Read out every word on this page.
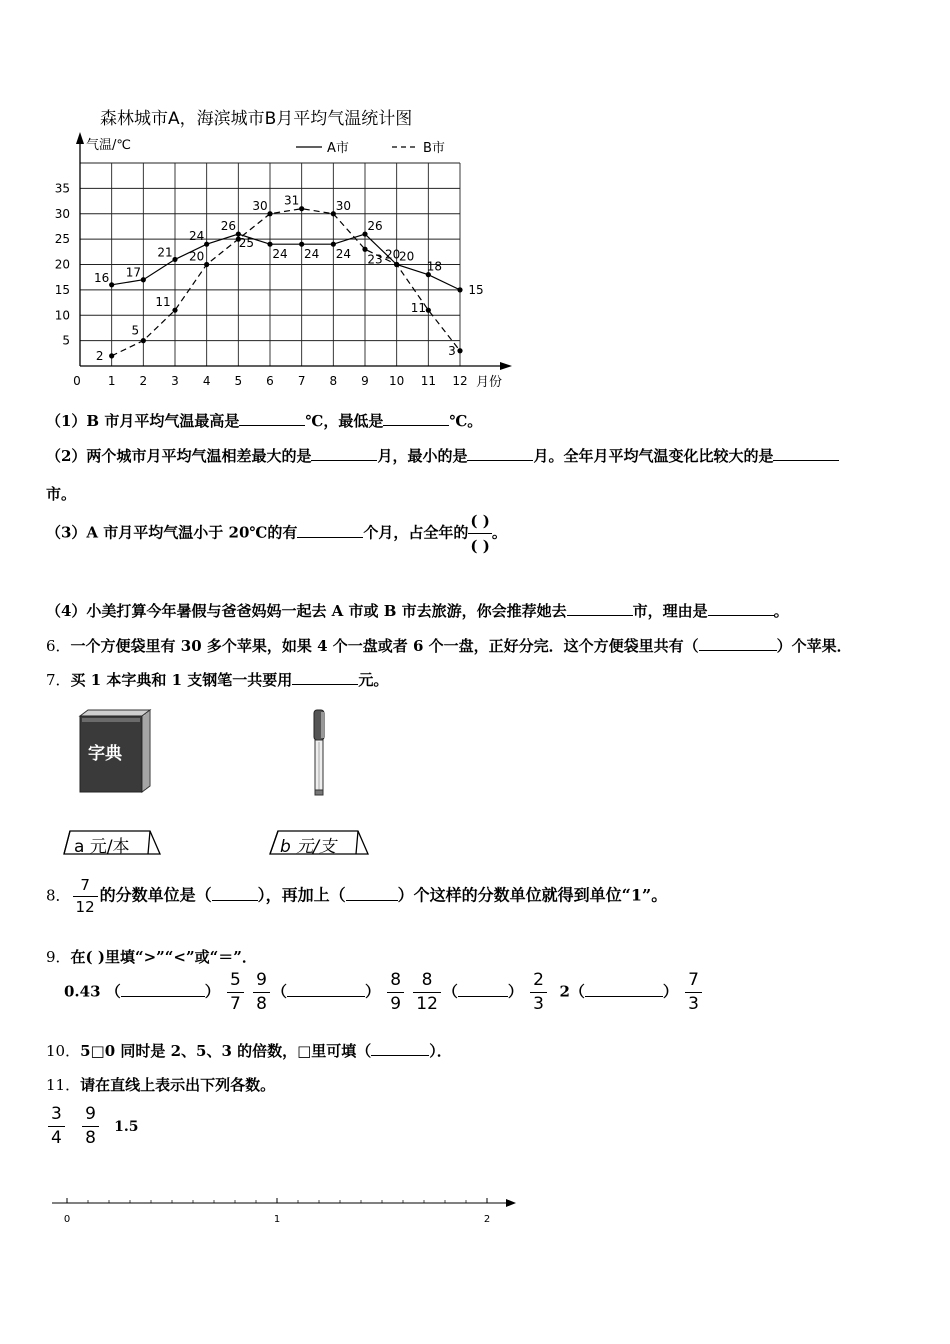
森林城市A，海滨城市B月平均气温统计图
1 2 3 4 5 6 7 8 9 10 11 12
5
10
15
20
25
30
35
0
气温/℃
月份
16 17
21
24
26
24 24 24
26
20
18
15
2
5
11
20
25
30 31	30
23 20
11
3
A市	B市
（1）B 市月平均气温最高是	℃，最低是	℃。
（2）两个城市月平均气温相差最大的是	月，最小的是	月。全年月平均气温变化比较大的是
市。
（3）A 市月平均气温小于 20℃的有	个月，占全年的 $\frac{( )}{( )}$ 。
（4）小美打算今年暑假与爸爸妈妈一起去 A 市或 B 市去旅游，你会推荐她去	市，理由是	。
6．一个方便袋里有 30 多个苹果，如果 4 个一盘或者 6 个一盘，正好分完．这个方便袋里共有（	）个苹果．
7．买 1 本字典和 1 支钢笔一共要用	元。
字典
a 元/本	b 元/支
8． $\frac{7}{12}$ 的分数单位是（	），再加上（	）个这样的分数单位就得到单位“1”。
9．在( )里填“>”“<”或“＝”．
0.43 （	） $\frac{5}{7}$
$\frac{9}{8}$ （	） $\frac{8}{9}$
$\frac{8}{12}$ （	） $\frac{2}{3} 2$（	） $\frac{7}{3}$
10．5□0 同时是 2、5、3 的倍数，□里可填（	）．
11．请在直线上表示出下列各数。
$\frac{3}{4}$
$\frac{9}{8} 1.5$
0	1	2
